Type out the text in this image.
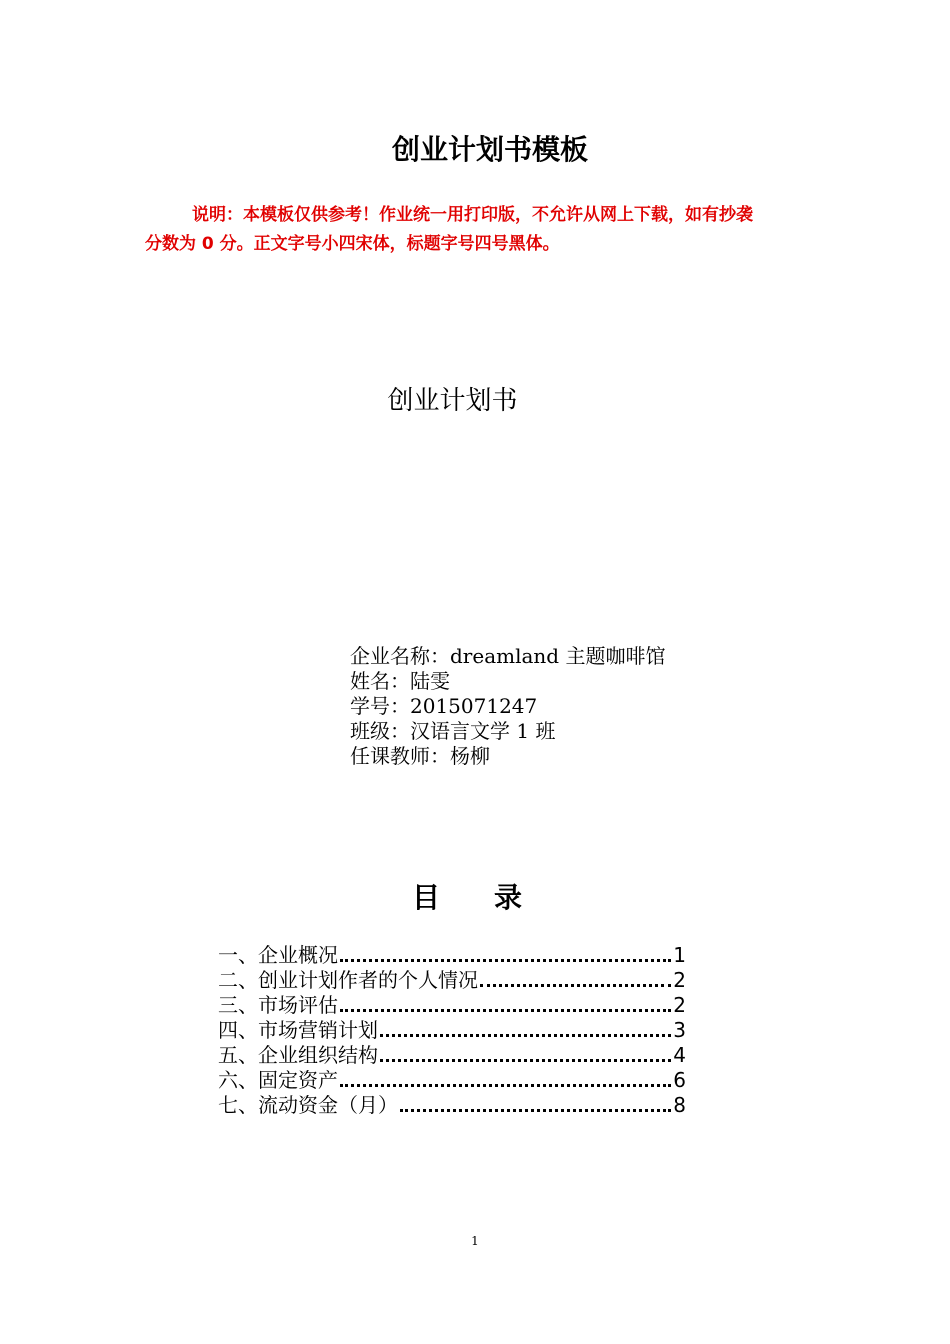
创业计划书模板
说明：本模板仅供参考！作业统一用打印版，不允许从网上下载，如有抄袭
分数为 0 分。正文字号小四宋体，标题字号四号黑体。
创业计划书
企业名称：dreamland 主题咖啡馆
姓名：陆雯
学号：2015071247
班级：汉语言文学 1 班
任课教师：杨柳
目 录
一、企业概况	1
二、创业计划作者的个人情况	2
三、市场评估	2
四、市场营销计划	3
五、企业组织结构	4
六、固定资产	6
七、流动资金（月）	8
1
